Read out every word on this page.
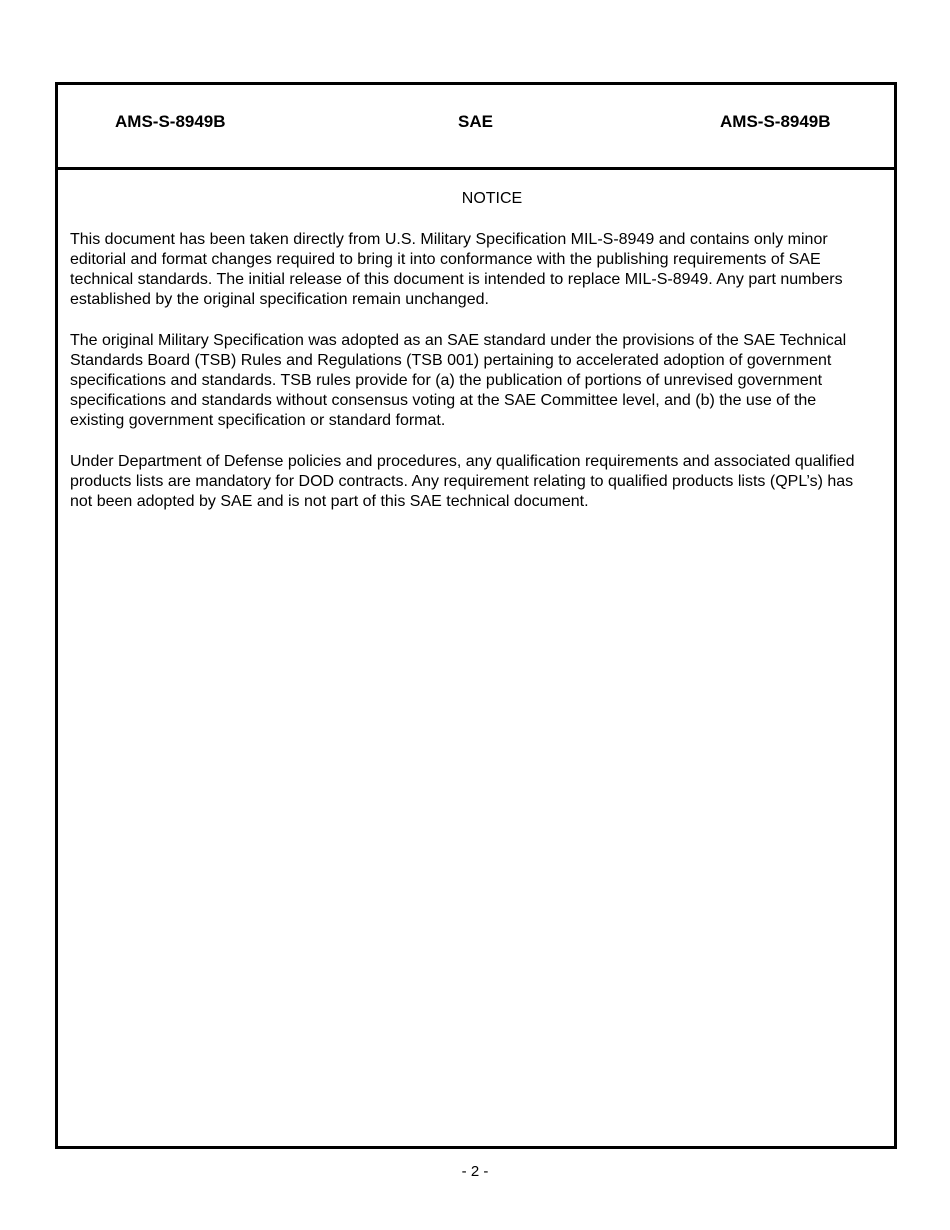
AMS-S-8949B	SAE	AMS-S-8949B
NOTICE

This document has been taken directly from U.S. Military Specification MIL-S-8949 and contains only minor editorial and format changes required to bring it into conformance with the publishing requirements of SAE technical standards. The initial release of this document is intended to replace MIL-S-8949. Any part numbers established by the original specification remain unchanged.

The original Military Specification was adopted as an SAE standard under the provisions of the SAE Technical Standards Board (TSB) Rules and Regulations (TSB 001) pertaining to accelerated adoption of government specifications and standards. TSB rules provide for (a) the publication of portions of unrevised government specifications and standards without consensus voting at the SAE Committee level, and (b) the use of the existing government specification or standard format.

Under Department of Defense policies and procedures, any qualification requirements and associated qualified products lists are mandatory for DOD contracts. Any requirement relating to qualified products lists (QPL’s) has not been adopted by SAE and is not part of this SAE technical document.

- 2 -
